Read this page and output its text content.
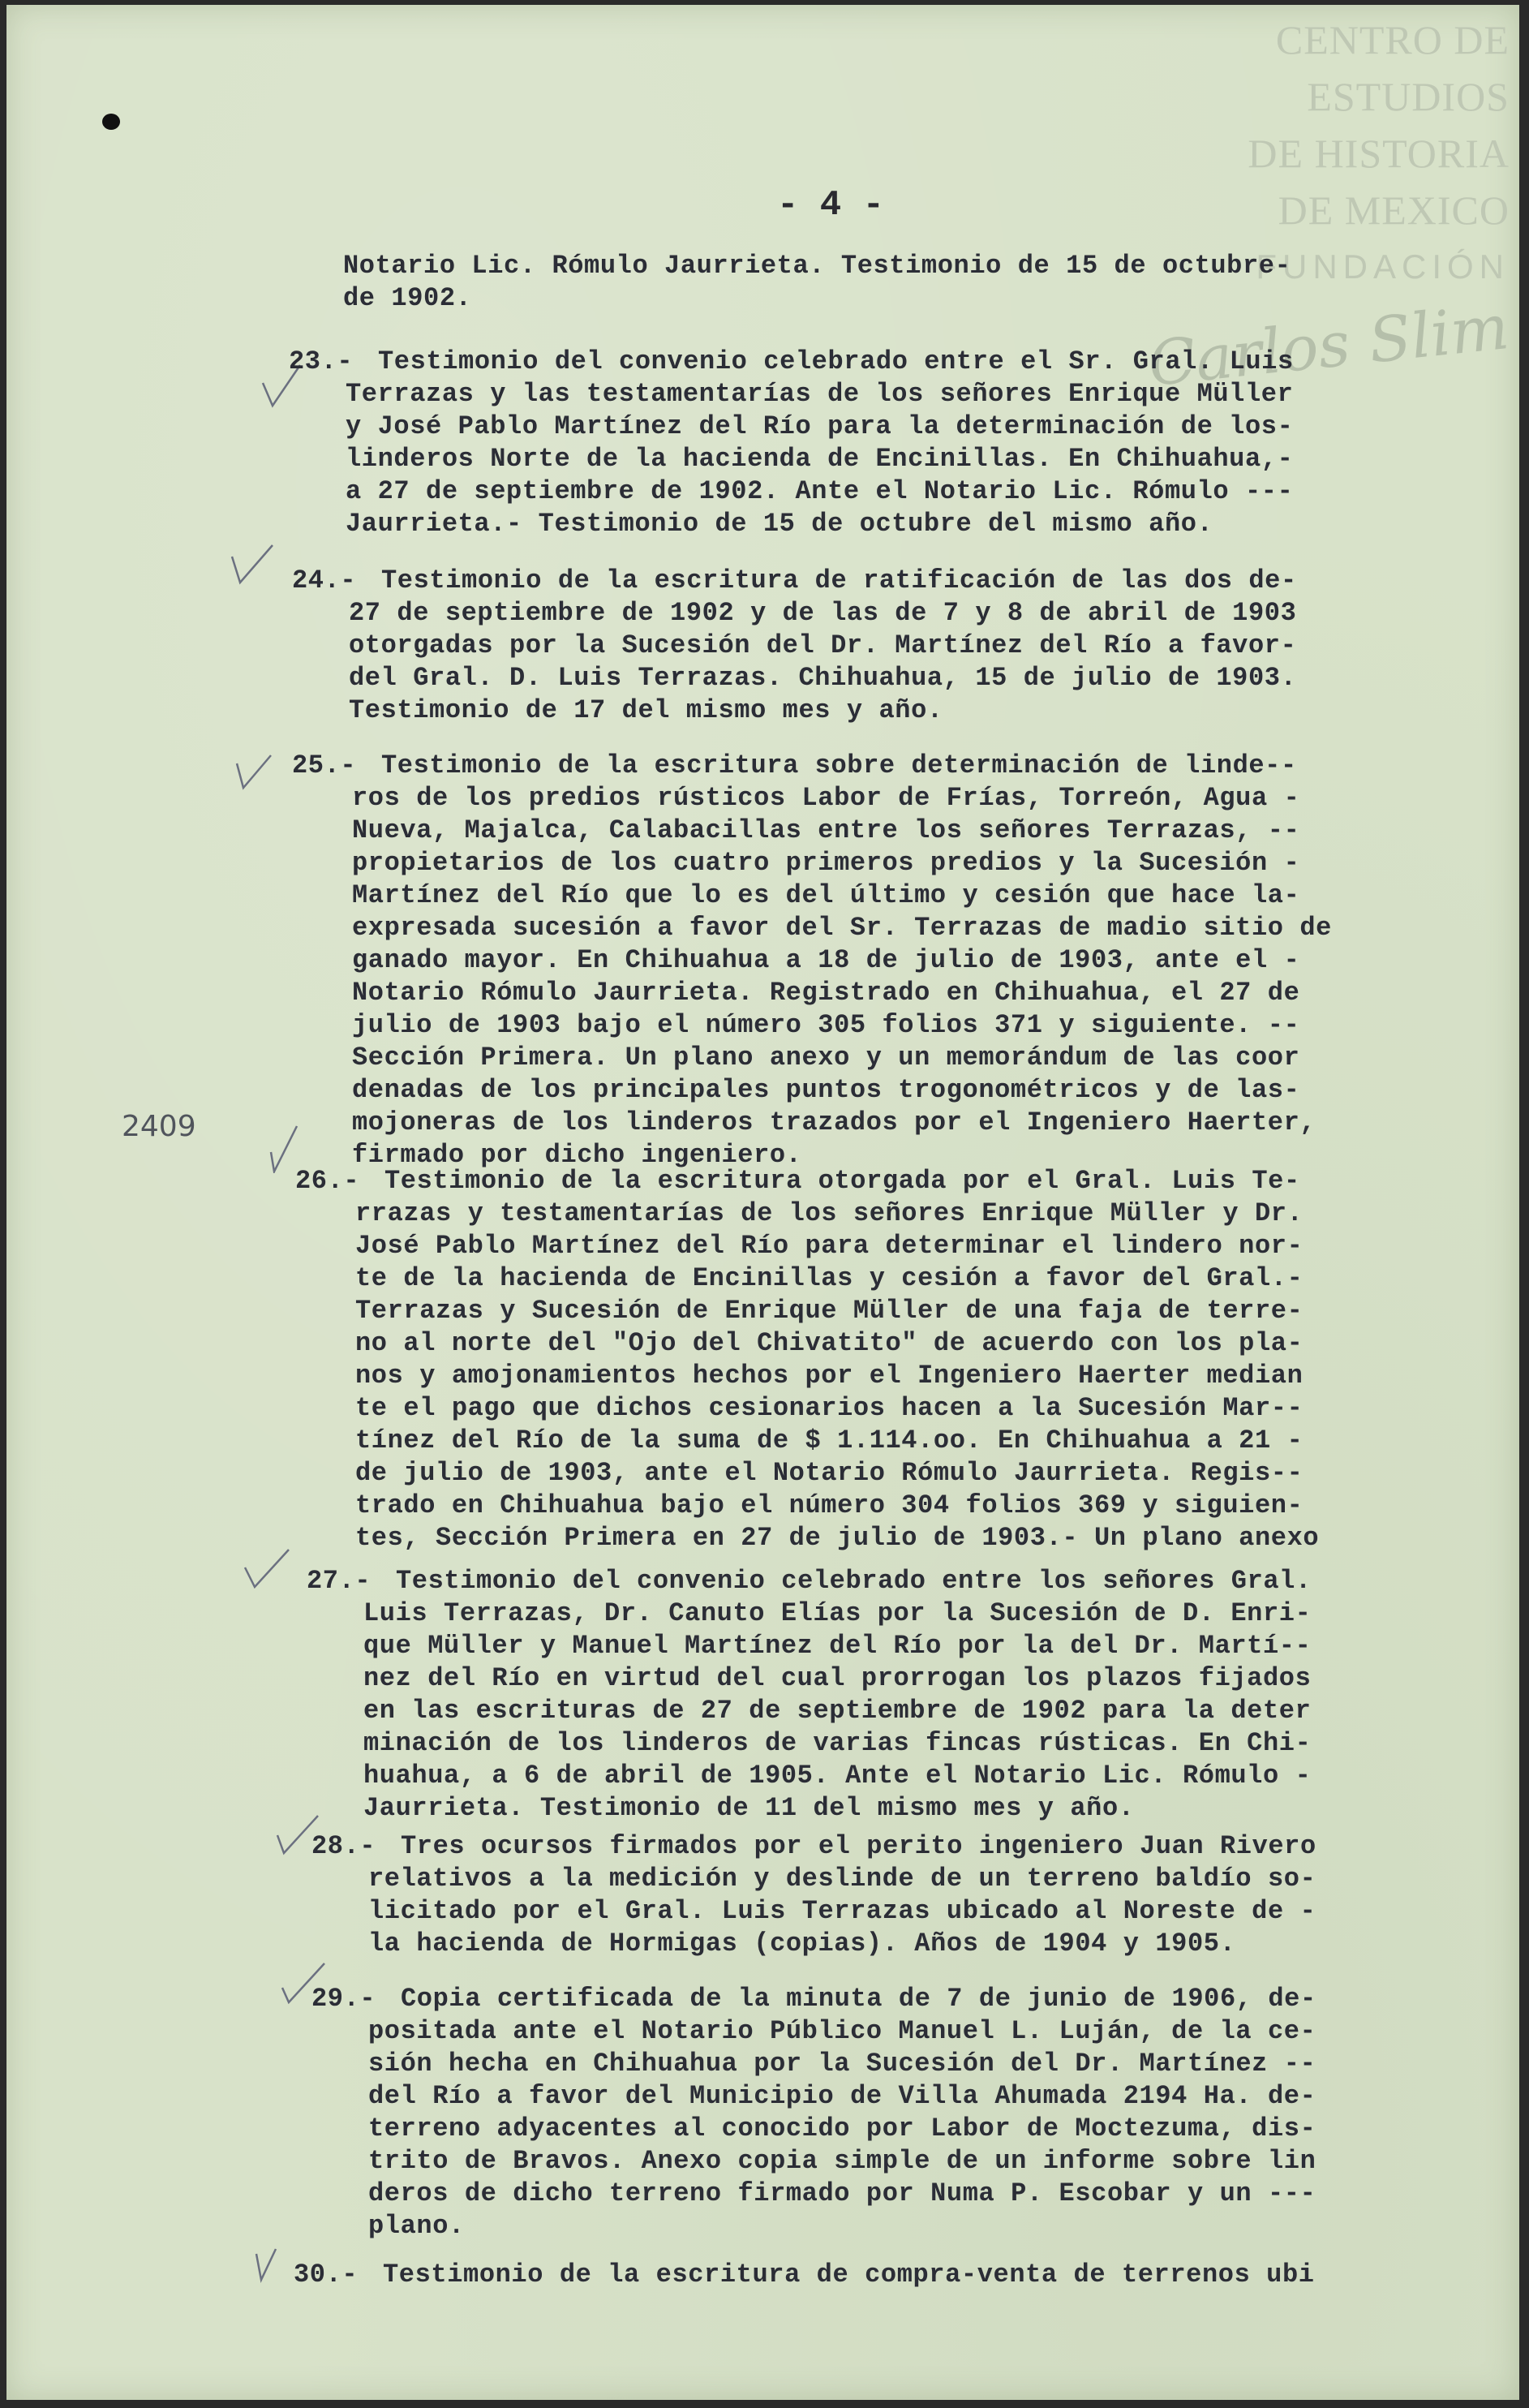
CENTRO DE
ESTUDIOS
DE HISTORIA
DE MEXICO
FUNDACIÓN
Carlos Slim
- 4 -
2409
Notario Lic. Rómulo Jaurrieta. Testimonio de 15 de octubre-
de 1902.
23.- Testimonio del convenio celebrado entre el Sr. Gral. Luis
Terrazas y las testamentarías de los señores Enrique Müller
y José Pablo Martínez del Río para la determinación de los-
linderos Norte de la hacienda de Encinillas. En Chihuahua,-
a 27 de septiembre de 1902. Ante el Notario Lic. Rómulo ---
Jaurrieta.- Testimonio de 15 de octubre del mismo año.
24.- Testimonio de la escritura de ratificación de las dos de-
27 de septiembre de 1902 y de las de 7 y 8 de abril de 1903
otorgadas por la Sucesión del Dr. Martínez del Río a favor-
del Gral. D. Luis Terrazas. Chihuahua, 15 de julio de 1903.
Testimonio de 17 del mismo mes y año.
25.- Testimonio de la escritura sobre determinación de linde--
ros de los predios rústicos Labor de Frías, Torreón, Agua -
Nueva, Majalca, Calabacillas entre los señores Terrazas, --
propietarios de los cuatro primeros predios y la Sucesión -
Martínez del Río que lo es del último y cesión que hace la-
expresada sucesión a favor del Sr. Terrazas de madio sitio de
ganado mayor. En Chihuahua a 18 de julio de 1903, ante el -
Notario Rómulo Jaurrieta. Registrado en Chihuahua, el 27 de
julio de 1903 bajo el número 305 folios 371 y siguiente. --
Sección Primera. Un plano anexo y un memorándum de las coor
denadas de los principales puntos trogonométricos y de las-
mojoneras de los linderos trazados por el Ingeniero Haerter,
firmado por dicho ingeniero.
26.- Testimonio de la escritura otorgada por el Gral. Luis Te-
rrazas y testamentarías de los señores Enrique Müller y Dr.
José Pablo Martínez del Río para determinar el lindero nor-
te de la hacienda de Encinillas y cesión a favor del Gral.-
Terrazas y Sucesión de Enrique Müller de una faja de terre-
no al norte del "Ojo del Chivatito" de acuerdo con los pla-
nos y amojonamientos hechos por el Ingeniero Haerter median
te el pago que dichos cesionarios hacen a la Sucesión Mar--
tínez del Río de la suma de $ 1.114.oo. En Chihuahua a 21 -
de julio de 1903, ante el Notario Rómulo Jaurrieta. Regis--
trado en Chihuahua bajo el número 304 folios 369 y siguien-
tes, Sección Primera en 27 de julio de 1903.- Un plano anexo
27.- Testimonio del convenio celebrado entre los señores Gral.
Luis Terrazas, Dr. Canuto Elías por la Sucesión de D. Enri-
que Müller y Manuel Martínez del Río por la del Dr. Martí--
nez del Río en virtud del cual prorrogan los plazos fijados
en las escrituras de 27 de septiembre de 1902 para la deter
minación de los linderos de varias fincas rústicas. En Chi-
huahua, a 6 de abril de 1905. Ante el Notario Lic. Rómulo -
Jaurrieta. Testimonio de 11 del mismo mes y año.
28.- Tres ocursos firmados por el perito ingeniero Juan Rivero
relativos a la medición y deslinde de un terreno baldío so-
licitado por el Gral. Luis Terrazas ubicado al Noreste de -
la hacienda de Hormigas (copias). Años de 1904 y 1905.
29.- Copia certificada de la minuta de 7 de junio de 1906, de-
positada ante el Notario Público Manuel L. Luján, de la ce-
sión hecha en Chihuahua por la Sucesión del Dr. Martínez --
del Río a favor del Municipio de Villa Ahumada 2194 Ha. de-
terreno adyacentes al conocido por Labor de Moctezuma, dis-
trito de Bravos. Anexo copia simple de un informe sobre lin
deros de dicho terreno firmado por Numa P. Escobar y un ---
plano.
30.- Testimonio de la escritura de compra-venta de terrenos ubi
